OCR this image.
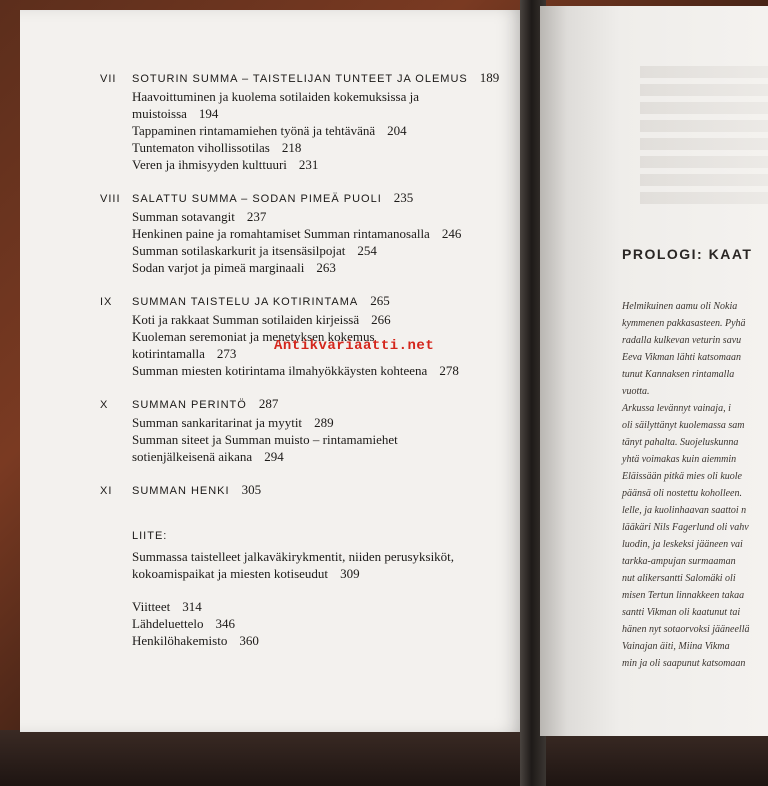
VII	SOTURIN SUMMA – TAISTELIJAN TUNTEET JA OLEMUS 189
Haavoittuminen ja kuolema sotilaiden kokemuksissa ja
muistoissa 194
Tappaminen rintamamiehen työnä ja tehtävänä 204
Tuntematon vihollissotilas 218
Veren ja ihmisyyden kulttuuri 231
VIII	SALATTU SUMMA – SODAN PIMEÄ PUOLI 235
Summan sotavangit 237
Henkinen paine ja romahtamiset Summan rintamanosalla 246
Summan sotilaskarkurit ja itsensäsilpojat 254
Sodan varjot ja pimeä marginaali 263
IX	SUMMAN TAISTELU JA KOTIRINTAMA 265
Koti ja rakkaat Summan sotilaiden kirjeissä 266
Kuoleman seremoniat ja menetyksen kokemus
kotirintamalla 273
Summan miesten kotirintama ilmahyökkäysten kohteena 278
X	SUMMAN PERINTÖ 287
Summan sankaritarinat ja myytit 289
Summan siteet ja Summan muisto – rintamamiehet
sotienjälkeisenä aikana 294
XI	SUMMAN HENKI 305
LIITE:
Summassa taistelleet jalkaväkirykmentit, niiden perusyksiköt,
kokoamispaikat ja miesten kotiseudut 309
Viitteet 314
Lähdeluettelo 346
Henkilöhakemisto 360
PROLOGI: KAAT
Helmikuinen aamu oli Nokia
kymmenen pakkasasteen. Pyhä
radalla kulkevan veturin savu
Eeva Vikman lähti katsomaan
tunut Kannaksen rintamalla
vuotta.
Arkussa levännyt vainaja, i
oli säilyttänyt kuolemassa sam
tänyt pahalta. Suojeluskunna
yhtä voimakas kuin aiemmin
Eläissään pitkä mies oli kuole
päänsä oli nostettu koholleen.
lelle, ja kuolinhaavan saattoi n
lääkäri Nils Fagerlund oli vahv
luodin, ja leskeksi jääneen vai
tarkka-ampujan surmaaman
nut alikersantti Salomäki oli
misen Tertun linnakkeen takaa
santti Vikman oli kaatunut tai
hänen nyt sotaorvoksi jääneellä
Vainajan äiti, Miina Vikma
min ja oli saapunut katsomaan
Antikvariaatti.net
